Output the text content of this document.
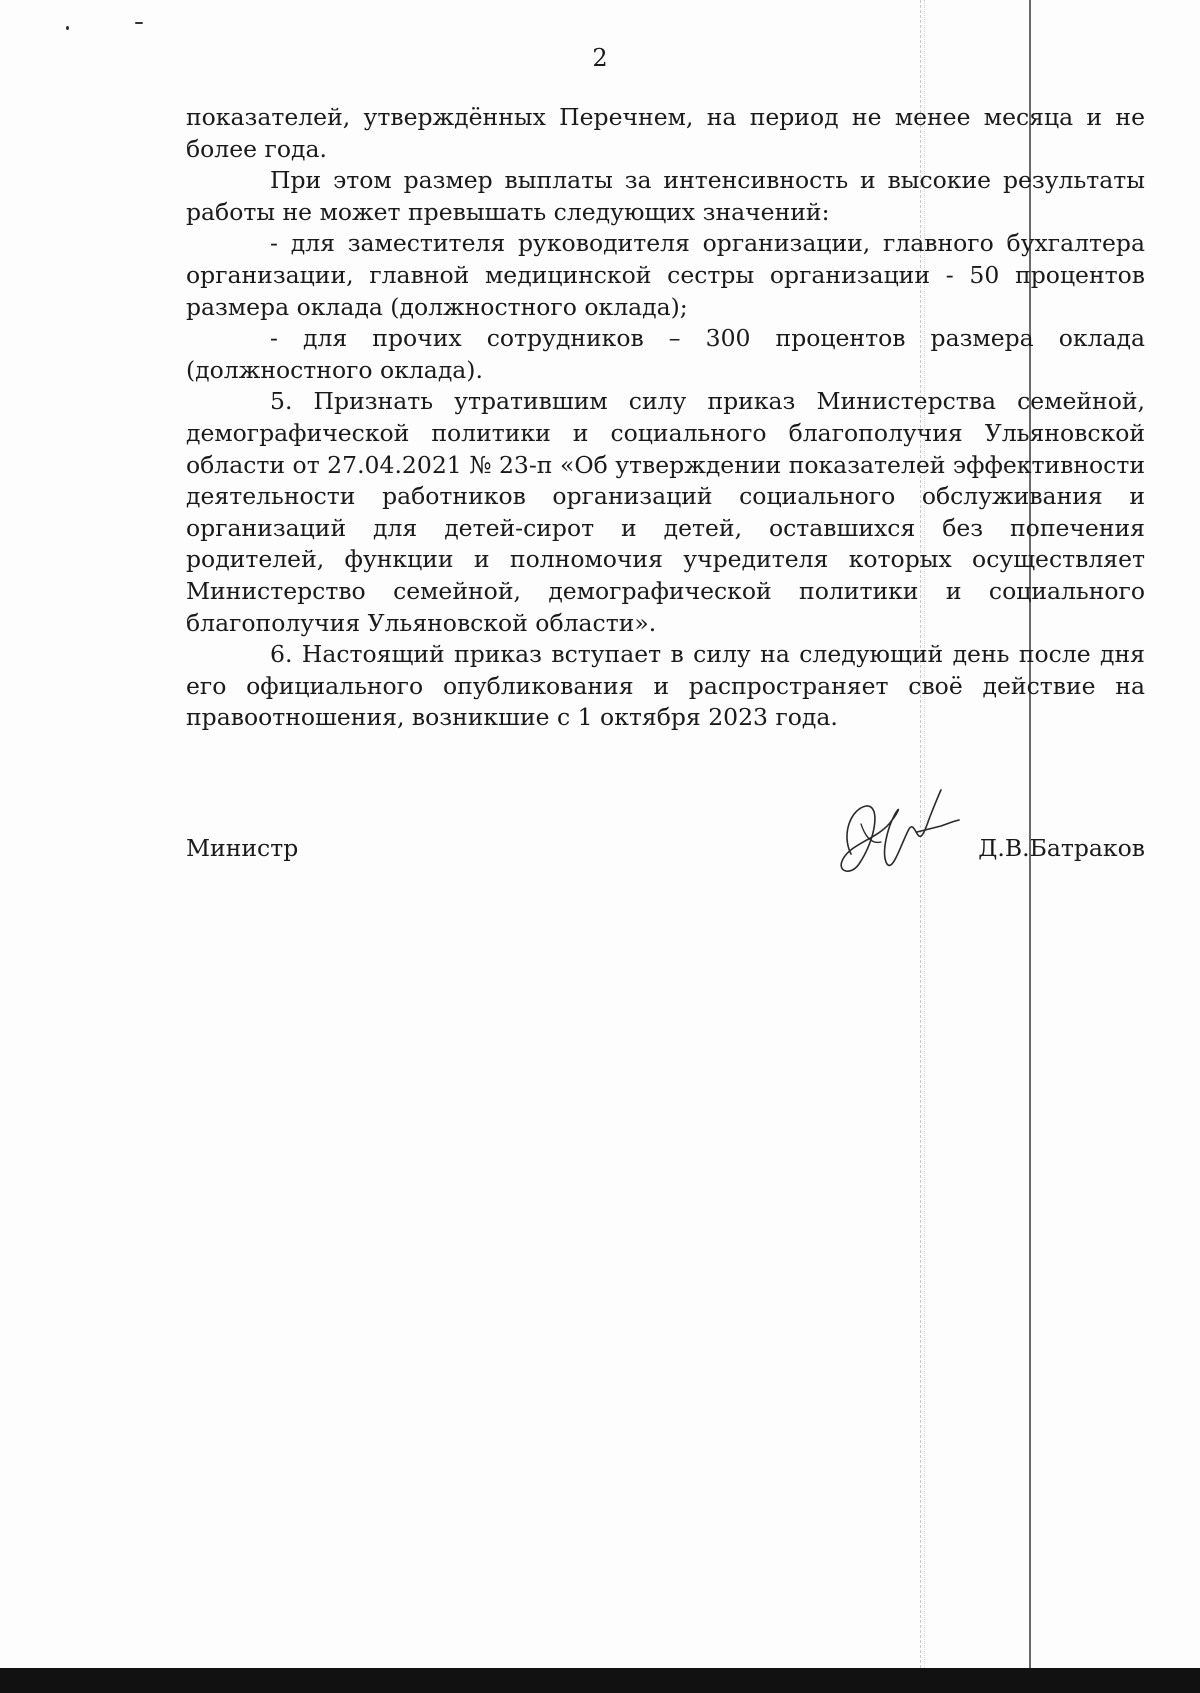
2

показателей, утверждённых Перечнем, на период не менее месяца и не более года.

При этом размер выплаты за интенсивность и высокие результаты работы не может превышать следующих значений:

- для заместителя руководителя организации, главного бухгалтера организации, главной медицинской сестры организации - 50 процентов размера оклада (должностного оклада);

- для прочих сотрудников – 300 процентов размера оклада (должностного оклада).

5. Признать утратившим силу приказ Министерства семейной, демографической политики и социального благополучия Ульяновской области от 27.04.2021 № 23-п «Об утверждении показателей эффективности деятельности работников организаций социального обслуживания и организаций для детей-сирот и детей, оставшихся без попечения родителей, функции и полномочия учредителя которых осуществляет Министерство семейной, демографической политики и социального благополучия Ульяновской области».

6. Настоящий приказ вступает в силу на следующий день после дня его официального опубликования и распространяет своё действие на правоотношения, возникшие с 1 октября 2023 года.

Министр	Д.В.Батраков
